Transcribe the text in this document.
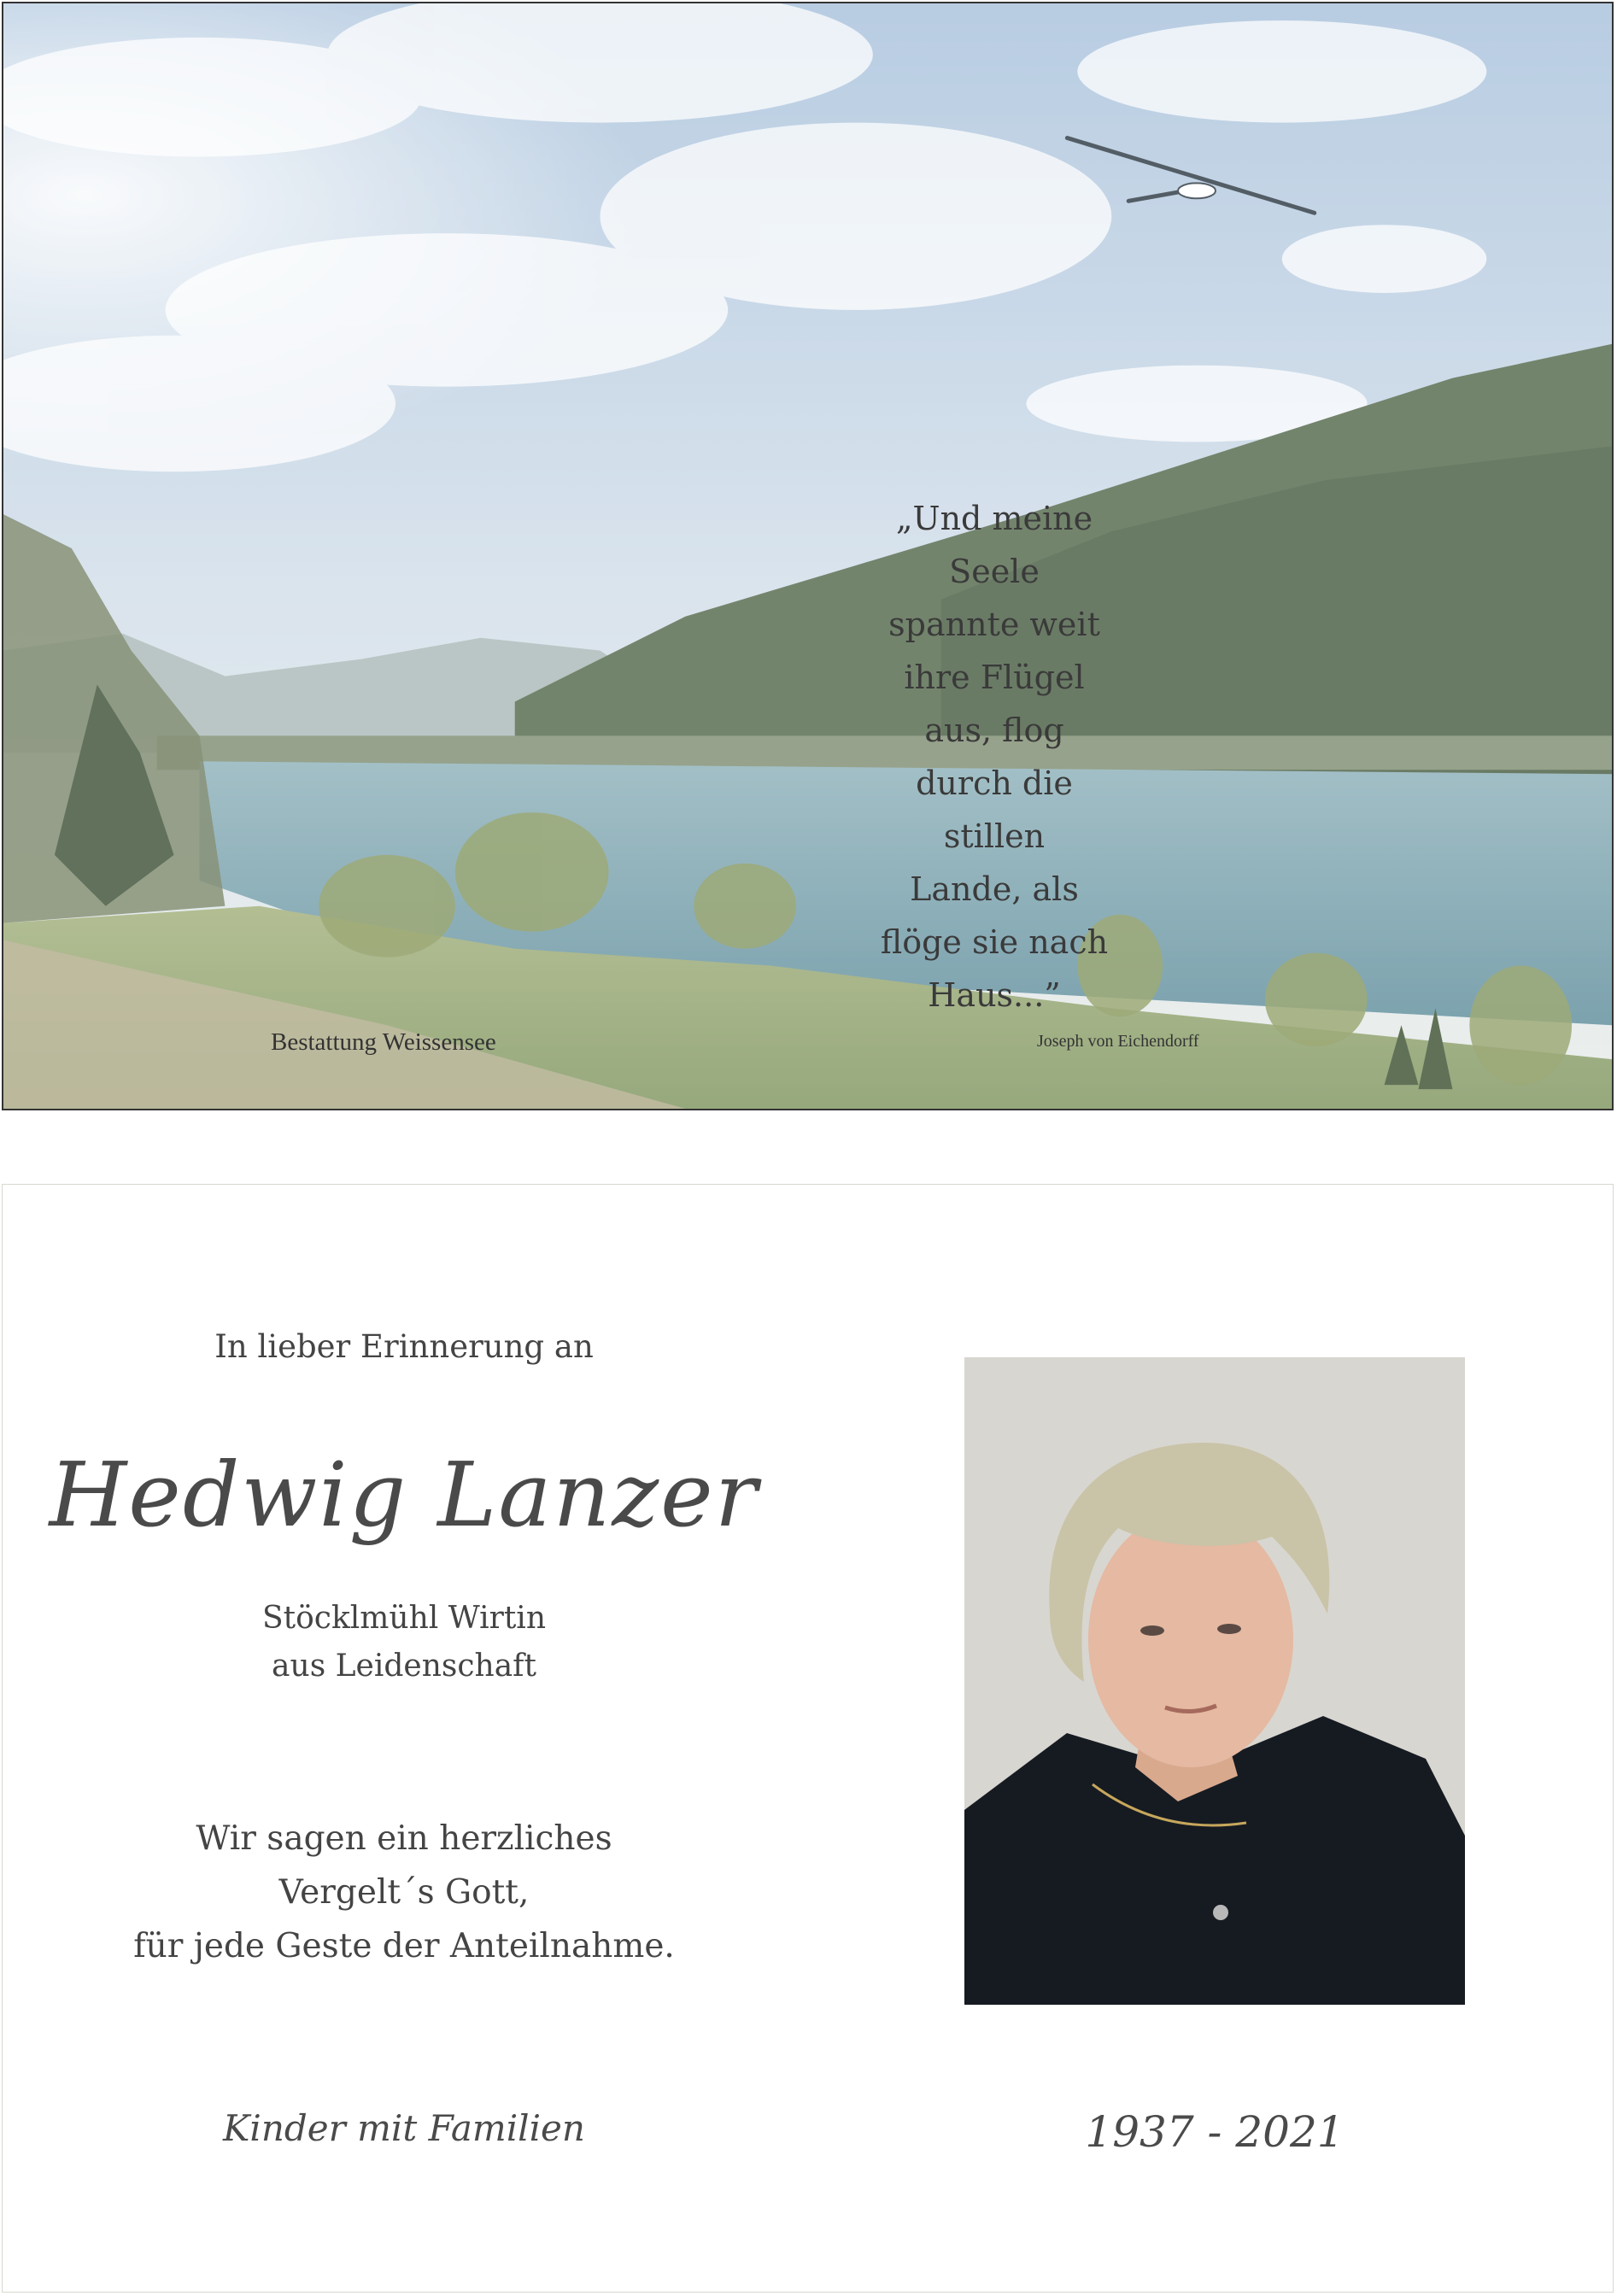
„Und meine
Seele
spannte weit
ihre Flügel
aus, flog
durch die
stillen
Lande, als
flöge sie nach
Haus...”
Joseph von Eichendorff
Bestattung Weissensee
In lieber Erinnerung an
Hedwig Lanzer
Stöcklmühl Wirtin
aus Leidenschaft
Wir sagen ein herzliches
Vergelt´s Gott,
für jede Geste der Anteilnahme.
Kinder mit Familien	1937 - 2021
